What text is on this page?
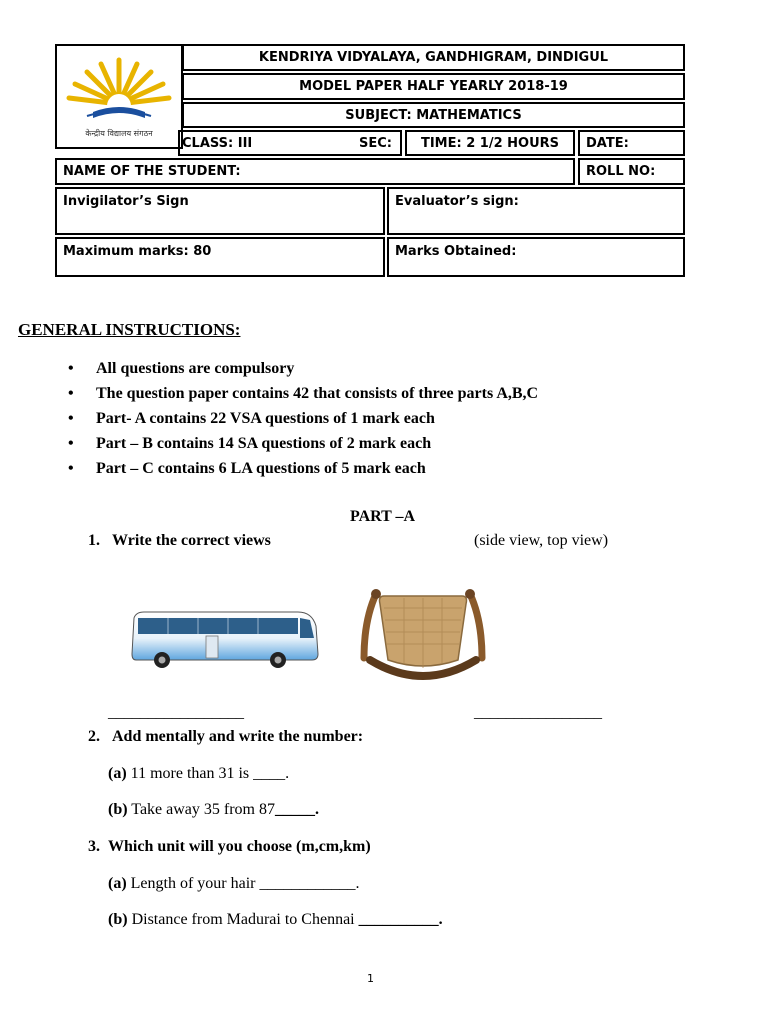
केन्द्रीय विद्यालय संगठन
KENDRIYA VIDYALAYA, GANDHIGRAM, DINDIGUL
MODEL PAPER HALF YEARLY 2018-19
SUBJECT: MATHEMATICS
CLASS: III	SEC:	TIME: 2 1/2 HOURS	DATE:
NAME OF THE STUDENT:	ROLL NO:
Invigilator’s Sign	Evaluator’s sign:
Maximum marks: 80	Marks Obtained:
GENERAL INSTRUCTIONS:
• All questions are compulsory
• The question paper contains 42 that consists of three parts A,B,C
• Part- A contains 22 VSA questions of 1 mark each
• Part – B contains 14 SA questions of 2 mark each
• Part – C contains 6 LA questions of 5 mark each
PART –A
1. Write the correct views	(side view, top view)
_________________	________________
2. Add mentally and write the number:
(a) 11 more than 31 is ____.
(b) Take away 35 from 87_____.
3. Which unit will you choose (m,cm,km)
(a) Length of your hair ____________.
(b) Distance from Madurai to Chennai __________.
1
